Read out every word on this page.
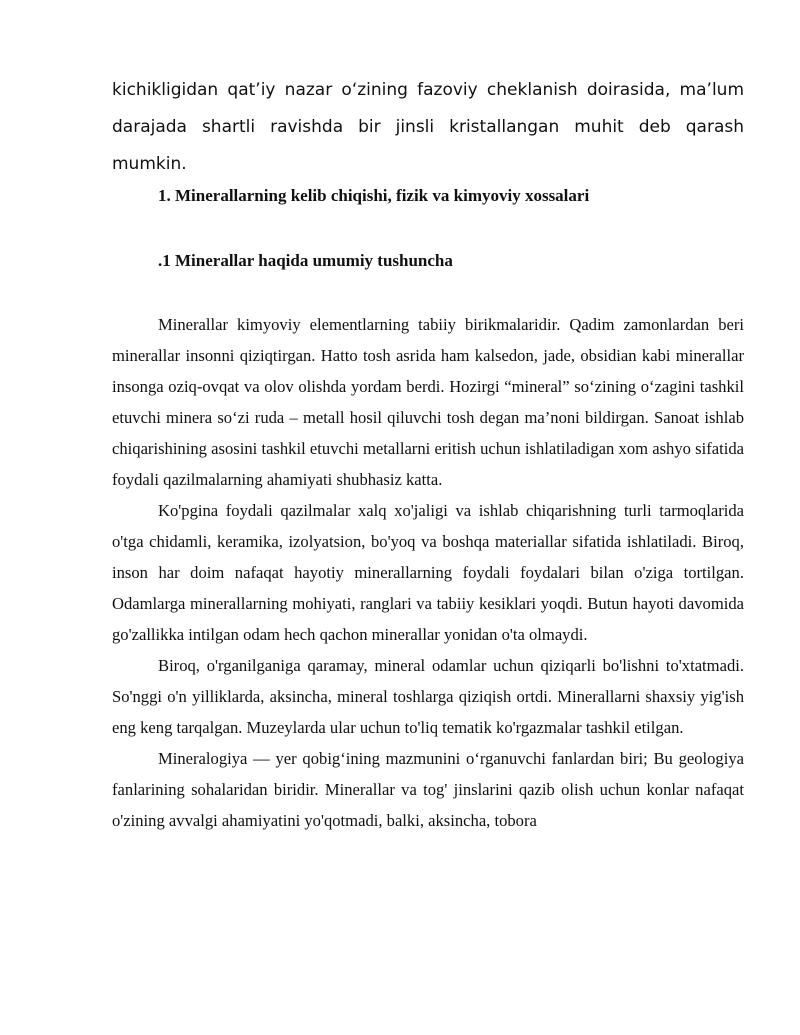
kichikligidan qat’iy nazar o‘zining fazoviy cheklanish doirasida, ma’lum darajada shartli ravishda bir jinsli kristallangan muhit deb qarash mumkin.

1. Minerallarning kelib chiqishi, fizik va kimyoviy xossalari
.1 Minerallar haqida umumiy tushuncha

Minerallar kimyoviy elementlarning tabiiy birikmalaridir. Qadim zamonlardan beri minerallar insonni qiziqtirgan. Hatto tosh asrida ham kalsedon, jade, obsidian kabi minerallar insonga oziq-ovqat va olov olishda yordam berdi. Hozirgi “mineral” so‘zining o‘zagini tashkil etuvchi minera so‘zi ruda – metall hosil qiluvchi tosh degan ma’noni bildirgan. Sanoat ishlab chiqarishining asosini tashkil etuvchi metallarni eritish uchun ishlatiladigan xom ashyo sifatida foydali qazilmalarning ahamiyati shubhasiz katta.

Ko'pgina foydali qazilmalar xalq xo'jaligi va ishlab chiqarishning turli tarmoqlarida o'tga chidamli, keramika, izolyatsion, bo'yoq va boshqa materiallar sifatida ishlatiladi. Biroq, inson har doim nafaqat hayotiy minerallarning foydali foydalari bilan o'ziga tortilgan. Odamlarga minerallarning mohiyati, ranglari va tabiiy kesiklari yoqdi. Butun hayoti davomida go'zallikka intilgan odam hech qachon minerallar yonidan o'ta olmaydi.

Biroq, o'rganilganiga qaramay, mineral odamlar uchun qiziqarli bo'lishni to'xtatmadi. So'nggi o'n yilliklarda, aksincha, mineral toshlarga qiziqish ortdi. Minerallarni shaxsiy yig'ish eng keng tarqalgan. Muzeylarda ular uchun to'liq tematik ko'rgazmalar tashkil etilgan.

Mineralogiya — yer qobig‘ining mazmunini o‘rganuvchi fanlardan biri; Bu geologiya fanlarining sohalaridan biridir. Minerallar va tog' jinslarini qazib olish uchun konlar nafaqat o'zining avvalgi ahamiyatini yo'qotmadi, balki, aksincha, tobora
